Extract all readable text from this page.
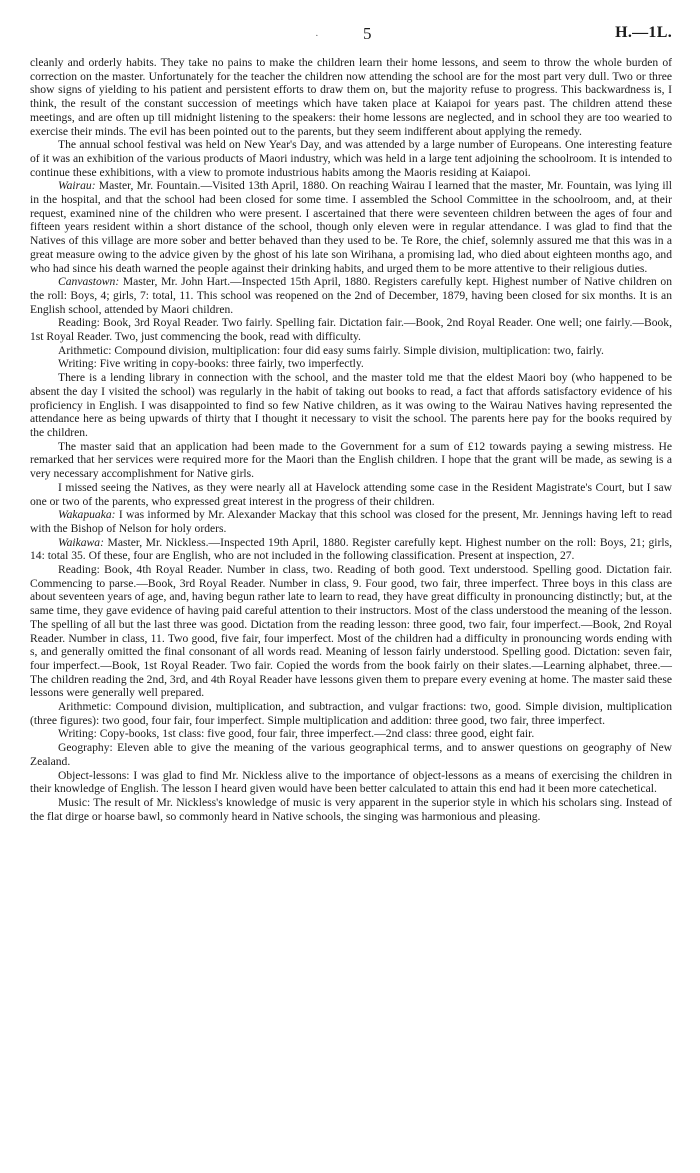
·	5	H.—1L.

cleanly and orderly habits. They take no pains to make the children learn their home lessons, and seem to throw the whole burden of correction on the master. Unfortunately for the teacher the children now attending the school are for the most part very dull. Two or three show signs of yielding to his patient and persistent efforts to draw them on, but the majority refuse to progress. This backwardness is, I think, the result of the constant succession of meetings which have taken place at Kaiapoi for years past. The children attend these meetings, and are often up till midnight listening to the speakers: their home lessons are neglected, and in school they are too wearied to exercise their minds. The evil has been pointed out to the parents, but they seem indifferent about applying the remedy.

The annual school festival was held on New Year's Day, and was attended by a large number of Europeans. One interesting feature of it was an exhibition of the various products of Maori industry, which was held in a large tent adjoining the schoolroom. It is intended to continue these exhibitions, with a view to promote industrious habits among the Maoris residing at Kaiapoi.

Wairau: Master, Mr. Fountain.—Visited 13th April, 1880. On reaching Wairau I learned that the master, Mr. Fountain, was lying ill in the hospital, and that the school had been closed for some time. I assembled the School Committee in the schoolroom, and, at their request, examined nine of the children who were present. I ascertained that there were seventeen children between the ages of four and fifteen years resident within a short distance of the school, though only eleven were in regular attendance. I was glad to find that the Natives of this village are more sober and better behaved than they used to be. Te Rore, the chief, solemnly assured me that this was in a great measure owing to the advice given by the ghost of his late son Wirihana, a promising lad, who died about eighteen months ago, and who had since his death warned the people against their drinking habits, and urged them to be more attentive to their religious duties.

Canvastown: Master, Mr. John Hart.—Inspected 15th April, 1880. Registers carefully kept. Highest number of Native children on the roll: Boys, 4; girls, 7: total, 11. This school was reopened on the 2nd of December, 1879, having been closed for six months. It is an English school, attended by Maori children.

Reading: Book, 3rd Royal Reader. Two fairly. Spelling fair. Dictation fair.—Book, 2nd Royal Reader. One well; one fairly.—Book, 1st Royal Reader. Two, just commencing the book, read with difficulty.

Arithmetic: Compound division, multiplication: four did easy sums fairly. Simple division, multiplication: two, fairly.

Writing: Five writing in copy-books: three fairly, two imperfectly.

There is a lending library in connection with the school, and the master told me that the eldest Maori boy (who happened to be absent the day I visited the school) was regularly in the habit of taking out books to read, a fact that affords satisfactory evidence of his proficiency in English. I was disappointed to find so few Native children, as it was owing to the Wairau Natives having represented the attendance here as being upwards of thirty that I thought it necessary to visit the school. The parents here pay for the books required by the children.

The master said that an application had been made to the Government for a sum of £12 towards paying a sewing mistress. He remarked that her services were required more for the Maori than the English children. I hope that the grant will be made, as sewing is a very necessary accomplishment for Native girls.

I missed seeing the Natives, as they were nearly all at Havelock attending some case in the Resident Magistrate's Court, but I saw one or two of the parents, who expressed great interest in the progress of their children.

Wakapuaka: I was informed by Mr. Alexander Mackay that this school was closed for the present, Mr. Jennings having left to read with the Bishop of Nelson for holy orders.

Waikawa: Master, Mr. Nickless.—Inspected 19th April, 1880. Register carefully kept. Highest number on the roll: Boys, 21; girls, 14: total 35. Of these, four are English, who are not included in the following classification. Present at inspection, 27.

Reading: Book, 4th Royal Reader. Number in class, two. Reading of both good. Text understood. Spelling good. Dictation fair. Commencing to parse.—Book, 3rd Royal Reader. Number in class, 9. Four good, two fair, three imperfect. Three boys in this class are about seventeen years of age, and, having begun rather late to learn to read, they have great difficulty in pronouncing distinctly; but, at the same time, they gave evidence of having paid careful attention to their instructors. Most of the class understood the meaning of the lesson. The spelling of all but the last three was good. Dictation from the reading lesson: three good, two fair, four imperfect.—Book, 2nd Royal Reader. Number in class, 11. Two good, five fair, four imperfect. Most of the children had a difficulty in pronouncing words ending with s, and generally omitted the final consonant of all words read. Meaning of lesson fairly understood. Spelling good. Dictation: seven fair, four imperfect.—Book, 1st Royal Reader. Two fair. Copied the words from the book fairly on their slates.—Learning alphabet, three.—The children reading the 2nd, 3rd, and 4th Royal Reader have lessons given them to prepare every evening at home. The master said these lessons were generally well prepared.

Arithmetic: Compound division, multiplication, and subtraction, and vulgar fractions: two, good. Simple division, multiplication (three figures): two good, four fair, four imperfect. Simple multiplication and addition: three good, two fair, three imperfect.

Writing: Copy-books, 1st class: five good, four fair, three imperfect.—2nd class: three good, eight fair.

Geography: Eleven able to give the meaning of the various geographical terms, and to answer questions on geography of New Zealand.

Object-lessons: I was glad to find Mr. Nickless alive to the importance of object-lessons as a means of exercising the children in their knowledge of English. The lesson I heard given would have been better calculated to attain this end had it been more catechetical.

Music: The result of Mr. Nickless's knowledge of music is very apparent in the superior style in which his scholars sing. Instead of the flat dirge or hoarse bawl, so commonly heard in Native schools, the singing was harmonious and pleasing.
